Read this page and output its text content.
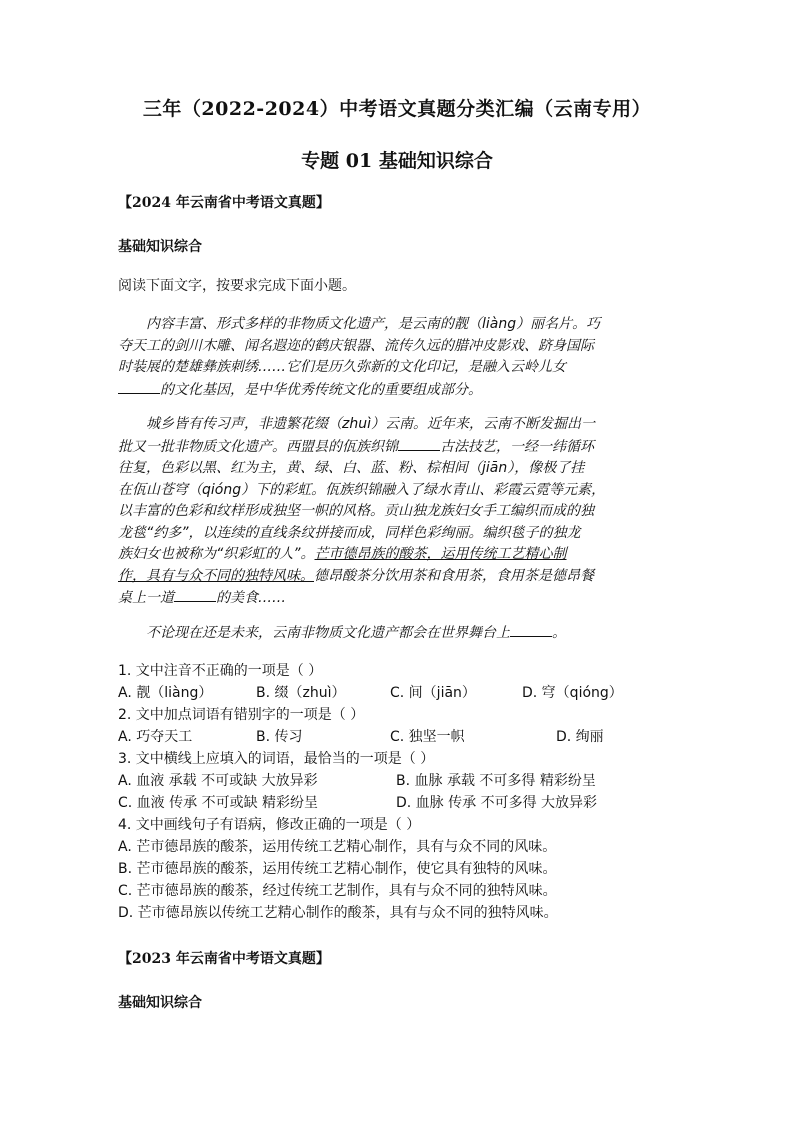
三年（2022-2024）中考语文真题分类汇编（云南专用）
专题 01 基础知识综合
【2024 年云南省中考语文真题】
基础知识综合
阅读下面文字，按要求完成下面小题。

内容丰富、形式多样的非物质文化遗产，是云南的靓（liàng）丽名片。巧

夺天工的剑川木雕、闻名遐迩的鹤庆银器、流传久远的腊冲皮影戏、跻身国际

时装展的楚雄彝族刺绣……它们是历久弥新的文化印记，是融入云岭儿女

的文化基因，是中华优秀传统文化的重要组成部分。

城乡皆有传习声，非遗繁花缀（zhuì）云南。近年来，云南不断发掘出一

批又一批非物质文化遗产。西盟县的佤族织锦	古法技艺，一经一纬循环

往复，色彩以黑、红为主，黄、绿、白、蓝、粉、棕相间（jiān），像极了挂

在佤山苍穹（qióng）下的彩虹。佤族织锦融入了绿水青山、彩霞云霓等元素，

以丰富的色彩和纹样形成独坚一帜的风格。贡山独龙族妇女手工编织而成的独

龙毯“约多”，以连续的直线条纹拼接而成，同样色彩绚丽。编织毯子的独龙

族妇女也被称为“织彩虹的人”。芒市德昂族的酸茶，运用传统工艺精心制

作，具有与众不同的独特风味。德昂酸茶分饮用茶和食用茶，食用茶是德昂餐

桌上一道	的美食……

不论现在还是未来，云南非物质文化遗产都会在世界舞台上	。

1. 文中注音不正确的一项是（ ）
A. 靓（liàng）	B. 缀（zhuì）	C. 间（jiān）	D. 穹（qióng）
2. 文中加点词语有错别字的一项是（ ）
A. 巧夺天工	B. 传习	C. 独坚一帜	D. 绚丽
3. 文中横线上应填入的词语，最恰当的一项是（ ）
A. 血液 承载 不可或缺 大放异彩	B. 血脉 承载 不可多得 精彩纷呈
C. 血液 传承 不可或缺 精彩纷呈	D. 血脉 传承 不可多得 大放异彩
4. 文中画线句子有语病，修改正确的一项是（ ）
A. 芒市德昂族的酸茶，运用传统工艺精心制作，具有与众不同的风味。
B. 芒市德昂族的酸茶，运用传统工艺精心制作，使它具有独特的风味。
C. 芒市德昂族的酸茶，经过传统工艺制作，具有与众不同的独特风味。
D. 芒市德昂族以传统工艺精心制作的酸茶，具有与众不同的独特风味。
【2023 年云南省中考语文真题】
基础知识综合
